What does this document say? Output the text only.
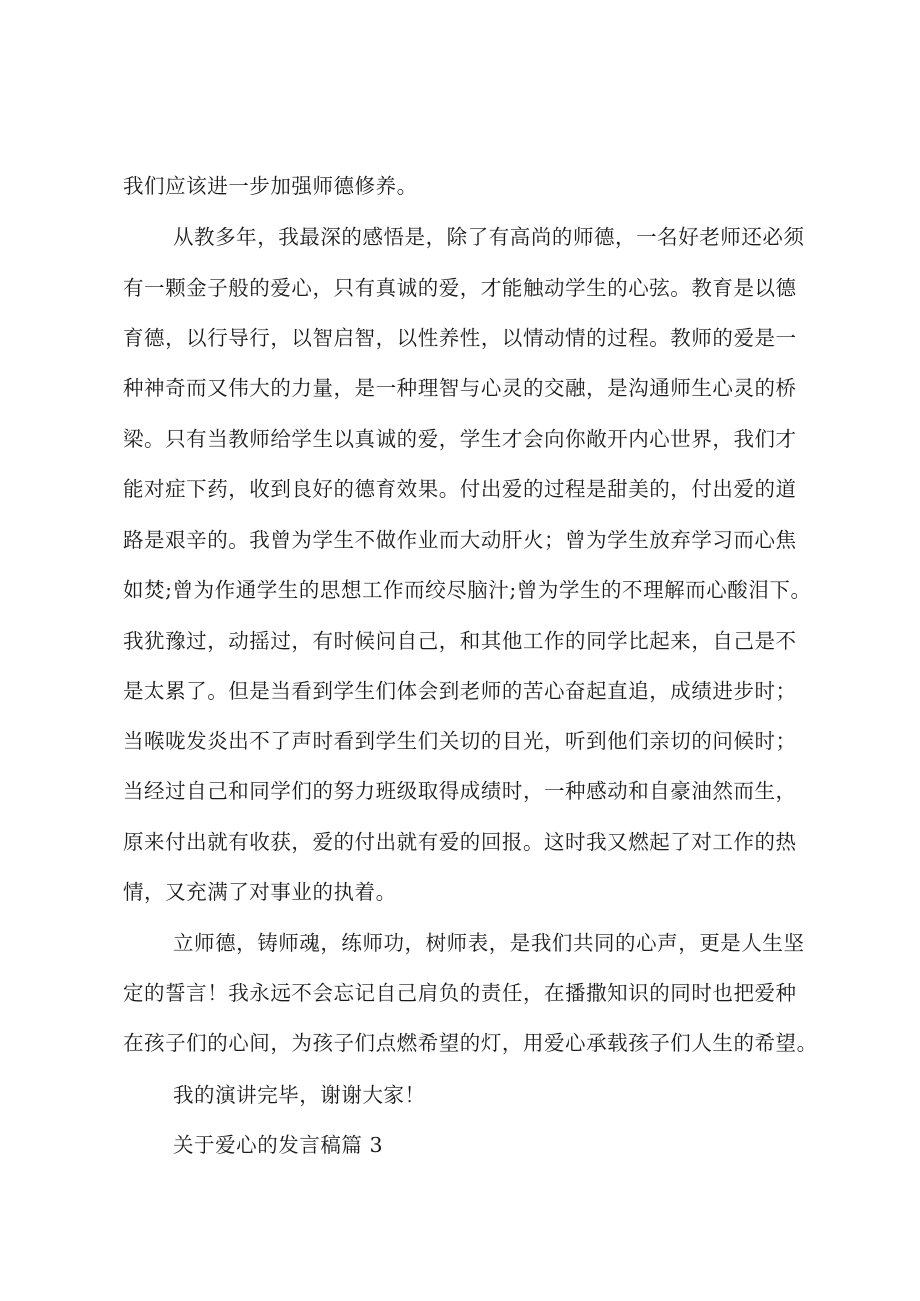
我们应该进一步加强师德修养。
从教多年，我最深的感悟是，除了有高尚的师德，一名好老师还必须
有一颗金子般的爱心，只有真诚的爱，才能触动学生的心弦。教育是以德
育德，以行导行，以智启智，以性养性，以情动情的过程。教师的爱是一
种神奇而又伟大的力量，是一种理智与心灵的交融，是沟通师生心灵的桥
梁。只有当教师给学生以真诚的爱，学生才会向你敞开内心世界，我们才
能对症下药，收到良好的德育效果。付出爱的过程是甜美的，付出爱的道
路是艰辛的。我曾为学生不做作业而大动肝火；曾为学生放弃学习而心焦
如焚;曾为作通学生的思想工作而绞尽脑汁;曾为学生的不理解而心酸泪下。
我犹豫过，动摇过，有时候问自己，和其他工作的同学比起来，自己是不
是太累了。但是当看到学生们体会到老师的苦心奋起直追，成绩进步时；
当喉咙发炎出不了声时看到学生们关切的目光，听到他们亲切的问候时；
当经过自己和同学们的努力班级取得成绩时，一种感动和自豪油然而生，
原来付出就有收获，爱的付出就有爱的回报。这时我又燃起了对工作的热
情，又充满了对事业的执着。
立师德，铸师魂，练师功，树师表，是我们共同的心声，更是人生坚
定的誓言！我永远不会忘记自己肩负的责任，在播撒知识的同时也把爱种
在孩子们的心间，为孩子们点燃希望的灯，用爱心承载孩子们人生的希望。
我的演讲完毕，谢谢大家！
关于爱心的发言稿篇 3
